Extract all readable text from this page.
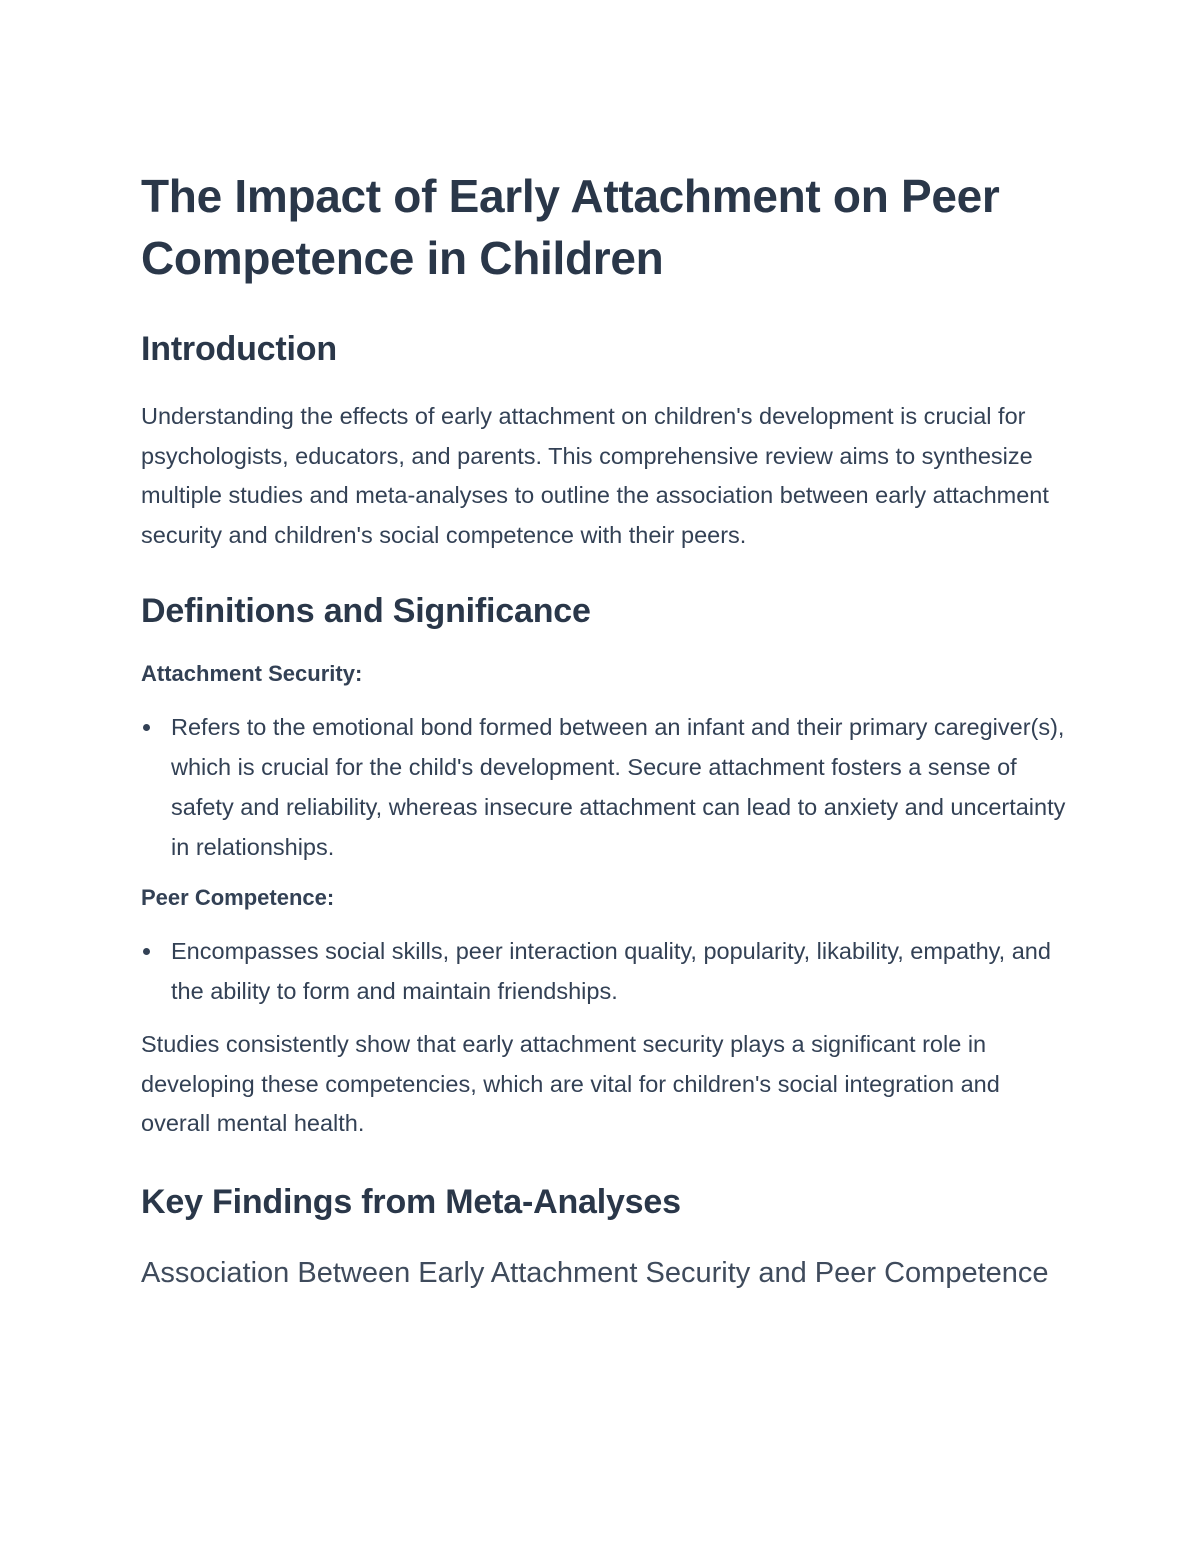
The Impact of Early Attachment on Peer Competence in Children
Introduction

Understanding the effects of early attachment on children's development is crucial for psychologists, educators, and parents. This comprehensive review aims to synthesize multiple studies and meta-analyses to outline the association between early attachment security and children's social competence with their peers.

Definitions and Significance
Attachment Security:
Refers to the emotional bond formed between an infant and their primary caregiver(s), which is crucial for the child's development. Secure attachment fosters a sense of safety and reliability, whereas insecure attachment can lead to anxiety and uncertainty in relationships.
Peer Competence:
Encompasses social skills, peer interaction quality, popularity, likability, empathy, and the ability to form and maintain friendships.

Studies consistently show that early attachment security plays a significant role in developing these competencies, which are vital for children's social integration and overall mental health.

Key Findings from Meta-Analyses
Association Between Early Attachment Security and Peer Competence
